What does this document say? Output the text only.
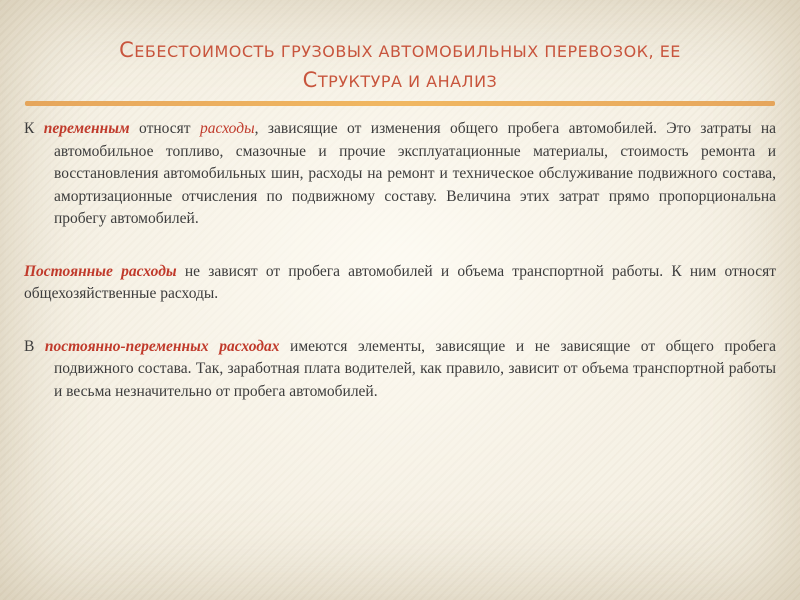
СЕБЕСТОИМОСТЬ ГРУЗОВЫХ АВТОМОБИЛЬНЫХ ПЕРЕВОЗОК, ЕЕ
СТРУКТУРА И АНАЛИЗ

К переменным относят расходы, зависящие от изменения общего пробега автомобилей. Это затраты на автомобильное топливо, смазочные и прочие эксплуатационные материалы, стоимость ремонта и восстановления автомобильных шин, расходы на ремонт и техническое обслуживание подвижного состава, амортизационные отчисления по подвижному составу. Величина этих затрат прямо пропорциональна пробегу автомобилей.

Постоянные расходы не зависят от пробега автомобилей и объема транспортной работы. К ним относят общехозяйственные расходы.

В постоянно-переменных расходах имеются элементы, зависящие и не зависящие от общего пробега подвижного состава. Так, заработная плата водителей, как правило, зависит от объема транспортной работы и весьма незначительно от пробега автомобилей.
